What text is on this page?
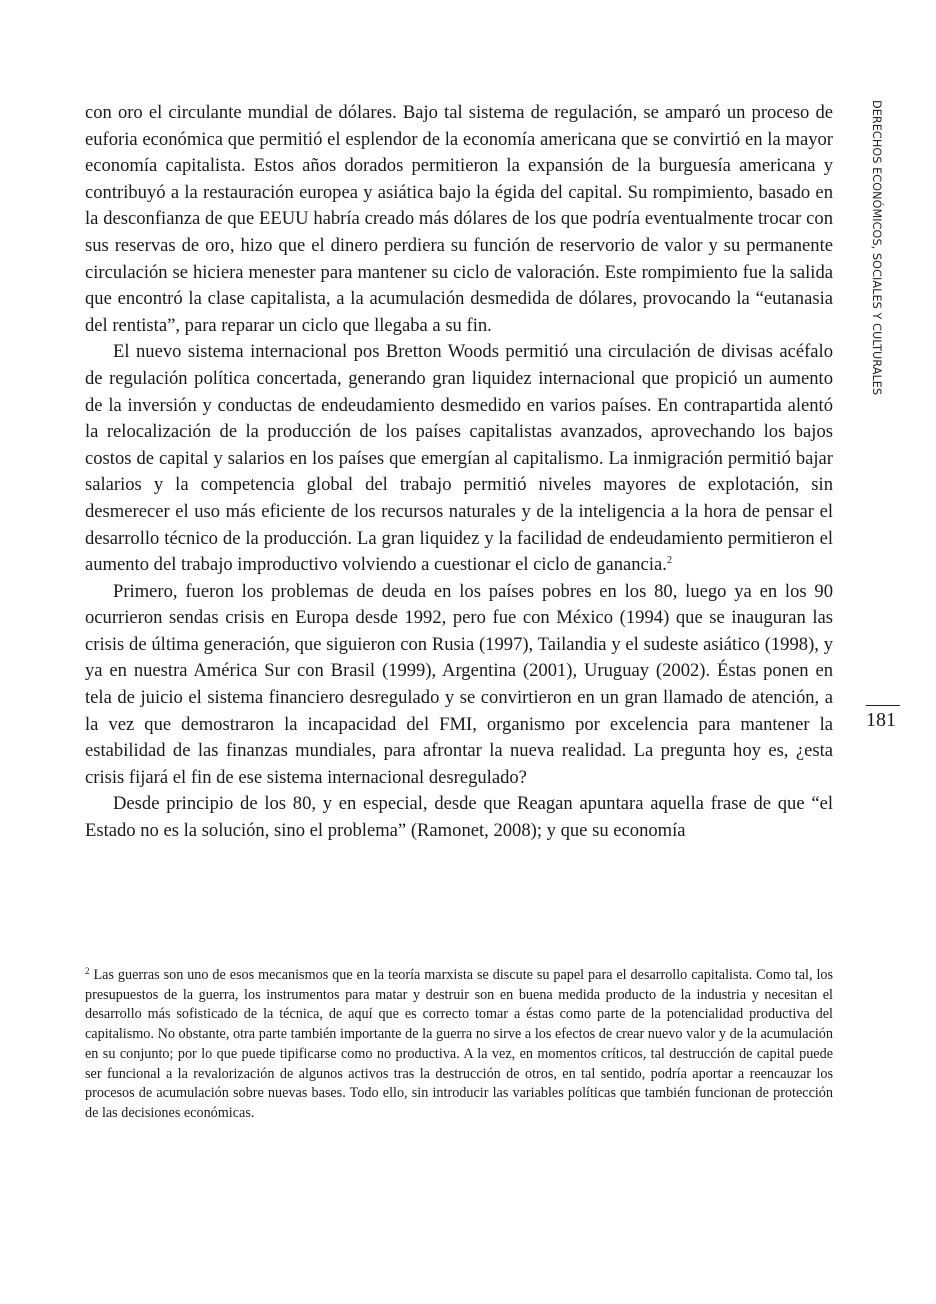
con oro el circulante mundial de dólares. Bajo tal sistema de regulación, se amparó un proceso de euforia económica que permitió el esplendor de la economía americana que se convirtió en la mayor economía capitalista. Estos años dorados permitieron la expansión de la burguesía americana y contribuyó a la restauración europea y asiática bajo la égida del capital. Su rompimiento, basado en la desconfianza de que EEUU habría creado más dólares de los que podría eventualmente trocar con sus reservas de oro, hizo que el dinero perdiera su función de reservorio de valor y su permanente circulación se hiciera menester para mantener su ciclo de valoración. Este rompimiento fue la salida que encontró la clase capitalista, a la acumulación desmedida de dólares, provocando la “eutanasia del rentista”, para reparar un ciclo que llegaba a su fin.

El nuevo sistema internacional pos Bretton Woods permitió una circulación de divisas acéfalo de regulación política concertada, generando gran liquidez internacional que propició un aumento de la inversión y conductas de endeudamiento desmedido en varios países. En contrapartida alentó la relocalización de la producción de los países capitalistas avanzados, aprovechando los bajos costos de capital y salarios en los países que emergían al capitalismo. La inmigración permitió bajar salarios y la competencia global del trabajo permitió niveles mayores de explotación, sin desmerecer el uso más eficiente de los recursos naturales y de la inteligencia a la hora de pensar el desarrollo técnico de la producción. La gran liquidez y la facilidad de endeudamiento permitieron el aumento del trabajo improductivo volviendo a cuestionar el ciclo de ganancia.$^2$

Primero, fueron los problemas de deuda en los países pobres en los 80, luego ya en los 90 ocurrieron sendas crisis en Europa desde 1992, pero fue con México (1994) que se inauguran las crisis de última generación, que siguieron con Rusia (1997), Tailandia y el sudeste asiático (1998), y ya en nuestra América Sur con Brasil (1999), Argentina (2001), Uruguay (2002). Éstas ponen en tela de juicio el sistema financiero desregulado y se convirtieron en un gran llamado de atención, a la vez que demostraron la incapacidad del FMI, organismo por excelencia para mantener la estabilidad de las finanzas mundiales, para afrontar la nueva realidad. La pregunta hoy es, ¿esta crisis fijará el fin de ese sistema internacional desregulado?

Desde principio de los 80, y en especial, desde que Reagan apuntara aquella frase de que “el Estado no es la solución, sino el problema” (Ramonet, 2008); y que su economía

DERECHOS ECONÓMICOS, SOCIALES Y CULTURALES
181
$^2$ Las guerras son uno de esos mecanismos que en la teoría marxista se discute su papel para el desarrollo capitalista. Como tal, los presupuestos de la guerra, los instrumentos para matar y destruir son en buena medida producto de la industria y necesitan el desarrollo más sofisticado de la técnica, de aquí que es correcto tomar a éstas como parte de la potencialidad productiva del capitalismo. No obstante, otra parte también importante de la guerra no sirve a los efectos de crear nuevo valor y de la acumulación en su conjunto; por lo que puede tipificarse como no productiva. A la vez, en momentos críticos, tal destrucción de capital puede ser funcional a la revalorización de algunos activos tras la destrucción de otros, en tal sentido, podría aportar a reencauzar los procesos de acumulación sobre nuevas bases. Todo ello, sin introducir las variables políticas que también funcionan de protección de las decisiones económicas.
